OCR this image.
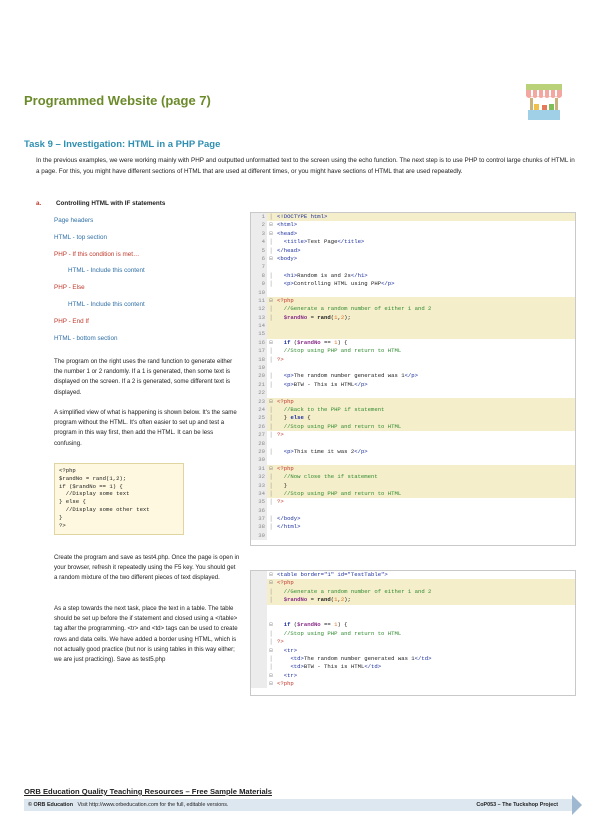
Programmed Website (page 7)
Task 9 – Investigation: HTML in a PHP Page
In the previous examples, we were working mainly with PHP and outputted unformatted text to the screen using the echo function. The next step is to use PHP to control large chunks of HTML in a page. For this, you might have different sections of HTML that are used at different times, or you might have sections of HTML that are used repeatedly.
a. Controlling HTML with IF statements
Page headers
HTML - top section
PHP - If this condition is met…
HTML - Include this content
PHP - Else
HTML - Include this content
PHP - End If
HTML - bottom section
The program on the right uses the rand function to generate either the number 1 or 2 randomly. If a 1 is generated, then some text is displayed on the screen. If a 2 is generated, some different text is displayed.
A simplified view of what is happening is shown below. It's the same program without the HTML. It's often easier to set up and test a program in this way first, then add the HTML. It can be less confusing.
<?php
$randNo = rand(1,2);
if ($randNo == 1) {
//Display some text
} else {
//Display some other text
}
?>
Create the program and save as test4.php. Once the page is open in your browser, refresh it repeatedly using the F5 key. You should get a random mixture of the two different pieces of text displayed.
As a step towards the next task, place the text in a table. The table should be set up before the if statement and closed using a </table> tag after the programming. <tr> and <td> tags can be used to create rows and data cells. We have added a border using HTML, which is not actually good practice (but nor is using tables in this way either; we are just practicing). Save as test5.php
1 │ <!DOCTYPE html>
2 ⊟ <html>
3 ⊟ <head>
4 │	<title>Test Page</title>
5 │ </head>
6 ⊟ <body>
7
8 │	<h1>Random 1s and 2s</h1>
9 │	<p>Controlling HTML using PHP</p>
10
11 ⊟ <?php
12 │ //Generate a random number of either 1 and 2
13 │	$randNo = rand(1,2);
14
15
16 ⊟	if ($randNo == 1) {
17 │ //Stop using PHP and return to HTML
18 │ ?>
19
20 │	<p>The random number generated was 1</p>
21 │	<p>BTW - This is HTML</p>
22
23 ⊟ <?php
24 │ //Back to the PHP if statement
25 │ } else {
26 │ //Stop using PHP and return to HTML
27 │ ?>
28
29 │	<p>This time it was 2</p>
30
31 ⊟ <?php
32 │ //Now close the if statement
33 │ }
34 │ //Stop using PHP and return to HTML
35 │ ?>
36
37 │ </body>
38 │ </html>
39
⊟ <table border="1" id="TestTable">
⊟ <?php
│ //Generate a random number of either 1 and 2
│	$randNo = rand(1,2);
⊟	if ($randNo == 1) {
│ //Stop using PHP and return to HTML
│ ?>
⊟	<tr>
│	<td>The random number generated was 1</td>
│	<td>BTW - This is HTML</td>
⊟	<tr>
⊟ <?php
ORB Education Quality Teaching Resources – Free Sample Materials
© ORB Education Visit http://www.orbeducation.com for the full, editable versions.	CoP053 – The Tuckshop Project
